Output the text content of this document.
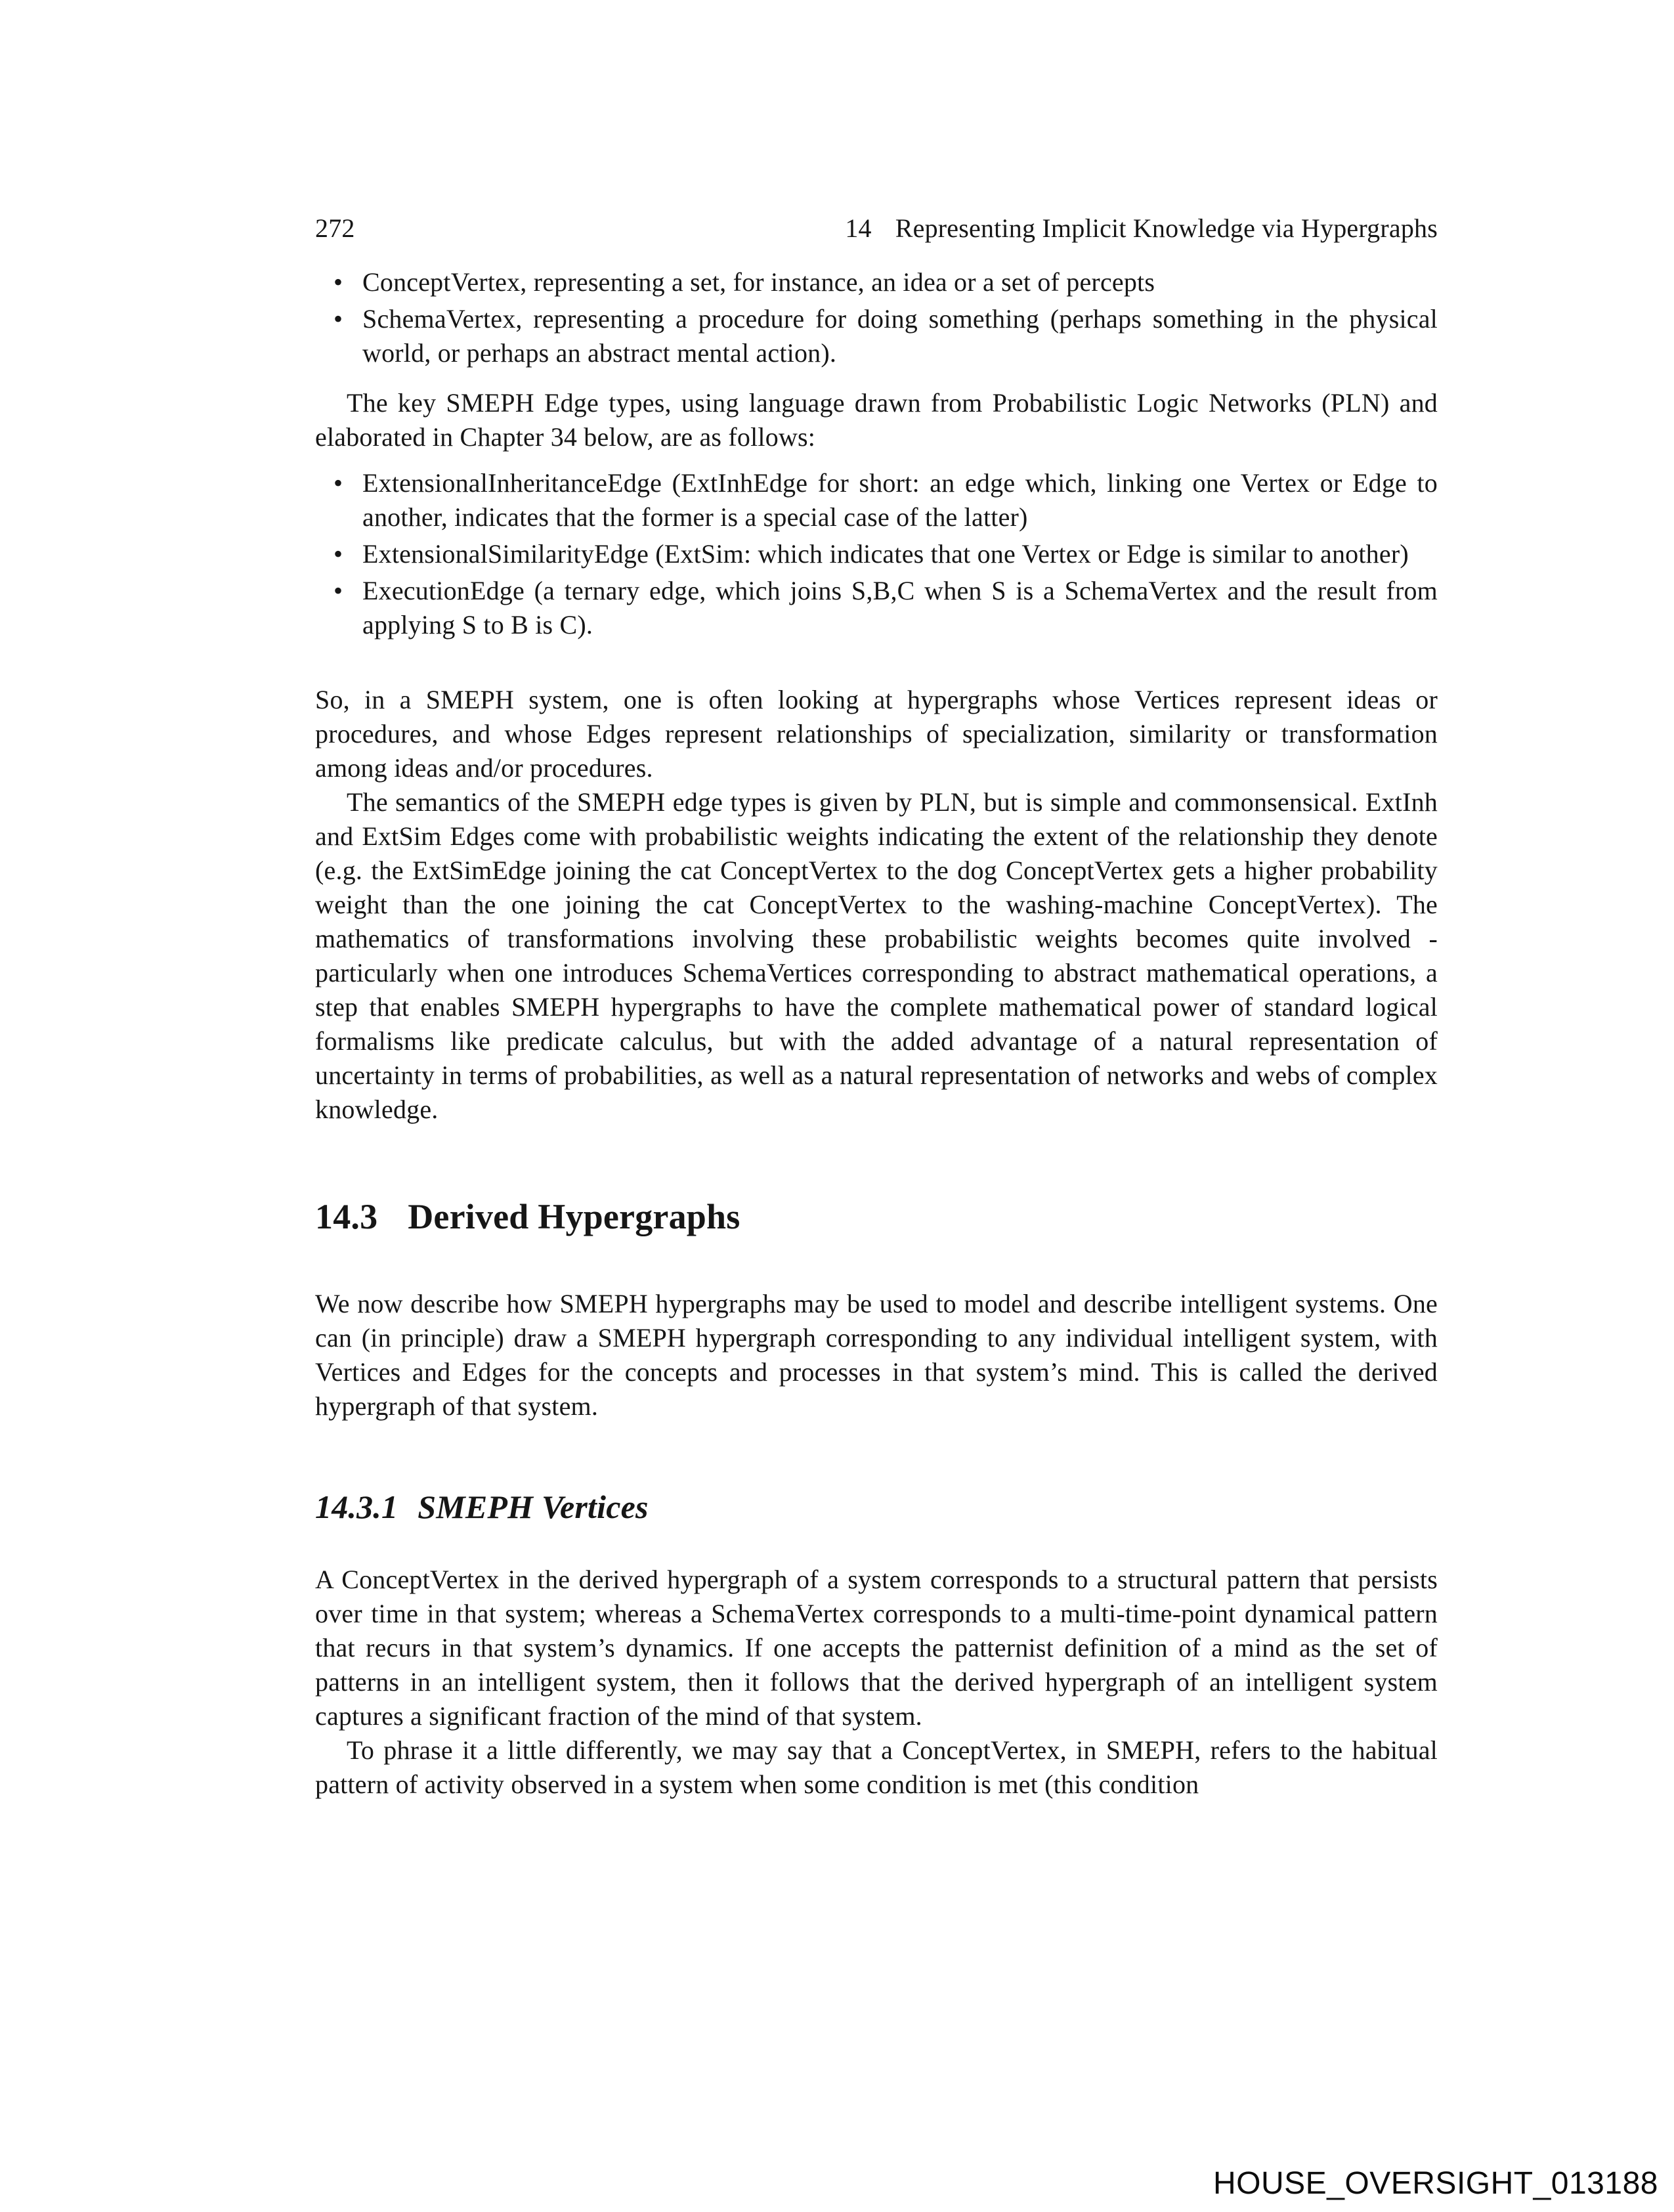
272	14 Representing Implicit Knowledge via Hypergraphs
• ConceptVertex, representing a set, for instance, an idea or a set of percepts
• SchemaVertex, representing a procedure for doing something (perhaps something in the physical world, or perhaps an abstract mental action).

The key SMEPH Edge types, using language drawn from Probabilistic Logic Networks (PLN) and elaborated in Chapter 34 below, are as follows:

• ExtensionalInheritanceEdge (ExtInhEdge for short: an edge which, linking one Vertex or Edge to another, indicates that the former is a special case of the latter)
• ExtensionalSimilarityEdge (ExtSim: which indicates that one Vertex or Edge is similar to another)
• ExecutionEdge (a ternary edge, which joins S,B,C when S is a SchemaVertex and the result from applying S to B is C).

So, in a SMEPH system, one is often looking at hypergraphs whose Vertices represent ideas or procedures, and whose Edges represent relationships of specialization, similarity or transformation among ideas and/or procedures.

The semantics of the SMEPH edge types is given by PLN, but is simple and commonsensical. ExtInh and ExtSim Edges come with probabilistic weights indicating the extent of the relationship they denote (e.g. the ExtSimEdge joining the cat ConceptVertex to the dog ConceptVertex gets a higher probability weight than the one joining the cat ConceptVertex to the washing-machine ConceptVertex). The mathematics of transformations involving these probabilistic weights becomes quite involved - particularly when one introduces SchemaVertices corresponding to abstract mathematical operations, a step that enables SMEPH hypergraphs to have the complete mathematical power of standard logical formalisms like predicate calculus, but with the added advantage of a natural representation of uncertainty in terms of probabilities, as well as a natural representation of networks and webs of complex knowledge.

14.3 Derived Hypergraphs

We now describe how SMEPH hypergraphs may be used to model and describe intelligent systems. One can (in principle) draw a SMEPH hypergraph corresponding to any individual intelligent system, with Vertices and Edges for the concepts and processes in that system’s mind. This is called the derived hypergraph of that system.

14.3.1 SMEPH Vertices

A ConceptVertex in the derived hypergraph of a system corresponds to a structural pattern that persists over time in that system; whereas a SchemaVertex corresponds to a multi-time-point dynamical pattern that recurs in that system’s dynamics. If one accepts the patternist definition of a mind as the set of patterns in an intelligent system, then it follows that the derived hypergraph of an intelligent system captures a significant fraction of the mind of that system.

To phrase it a little differently, we may say that a ConceptVertex, in SMEPH, refers to the habitual pattern of activity observed in a system when some condition is met (this condition

HOUSE_OVERSIGHT_013188
